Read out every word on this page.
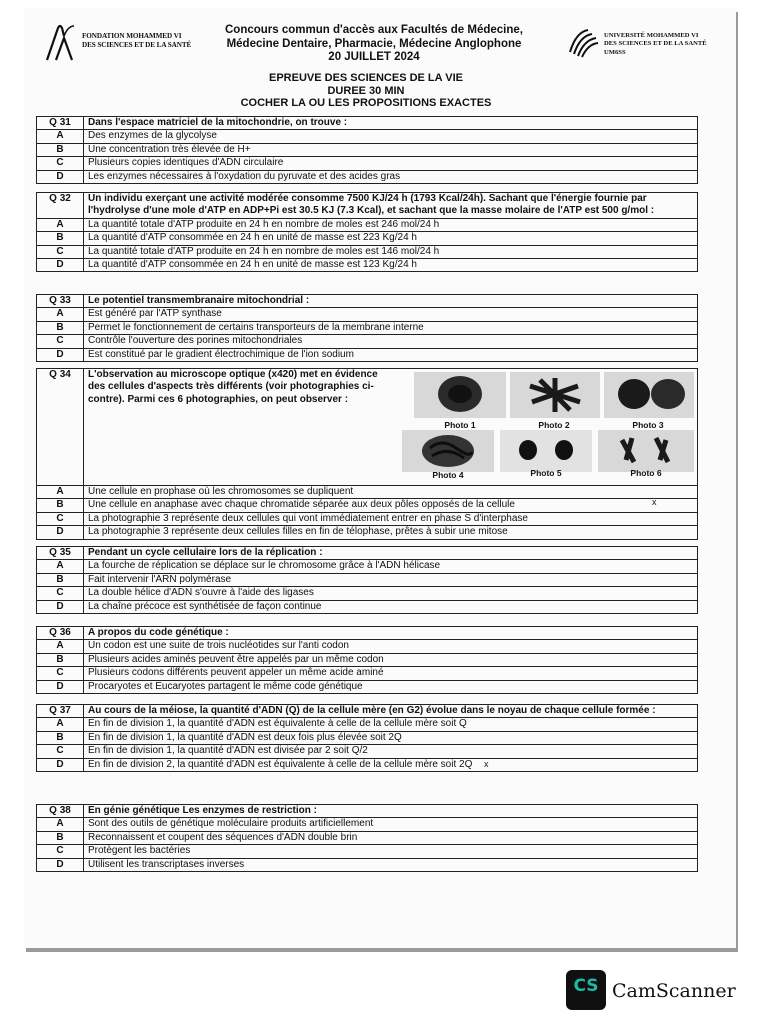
FONDATION MOHAMMED VI
DES SCIENCES ET DE LA SANTÉ
Concours commun d'accès aux Facultés de Médecine,
Médecine Dentaire, Pharmacie, Médecine Anglophone
20 JUILLET 2024
UNIVERSITÉ MOHAMMED VI
DES SCIENCES ET DE LA SANTÉ
UM6SS
EPREUVE DES SCIENCES DE LA VIE
DUREE 30 MIN
COCHER LA OU LES PROPOSITIONS EXACTES
Q 31	Dans l'espace matriciel de la mitochondrie, on trouve :
A	Des enzymes de la glycolyse
B	Une concentration très élevée de H+
C	Plusieurs copies identiques d'ADN circulaire
D	Les enzymes nécessaires à l'oxydation du pyruvate et des acides gras
Q 32	Un individu exerçant une activité modérée consomme 7500 KJ/24 h (1793 Kcal/24h). Sachant que l'énergie fournie par l'hydrolyse d'une mole d'ATP en ADP+Pi est 30.5 KJ (7.3 Kcal), et sachant que la masse molaire de l'ATP est 500 g/mol :
A	La quantité totale d'ATP produite en 24 h en nombre de moles est 246 mol/24 h
B	La quantité d'ATP consommée en 24 h en unité de masse est 223 Kg/24 h
C	La quantité totale d'ATP produite en 24 h en nombre de moles est 146 mol/24 h
D	La quantité d'ATP consommée en 24 h en unité de masse est 123 Kg/24 h
Q 33	Le potentiel transmembranaire mitochondrial :
A	Est généré par l'ATP synthase
B	Permet le fonctionnement de certains transporteurs de la membrane interne
C	Contrôle l'ouverture des porines mitochondriales
D	Est constitué par le gradient électrochimique de l'ion sodium
Q 34	L'observation au microscope optique (x420) met en évidence des cellules d'aspects très différents (voir photographies ci-contre). Parmi ces 6 photographies, on peut observer :
A	Une cellule en prophase où les chromosomes se dupliquent
B	Une cellule en anaphase avec chaque chromatide séparée aux deux pôles opposés de la cellule
C	La photographie 3 représente deux cellules qui vont immédiatement entrer en phase S d'interphase
D	La photographie 3 représente deux cellules filles en fin de télophase, prêtes à subir une mitose
Photo 1	Photo 2	Photo 3
Photo 4	Photo 5	Photo 6
x
Q 35	Pendant un cycle cellulaire lors de la réplication :
A	La fourche de réplication se déplace sur le chromosome grâce à l'ADN hélicase
B	Fait intervenir l'ARN polymérase
C	La double hélice d'ADN s'ouvre à l'aide des ligases
D	La chaîne précoce est synthétisée de façon continue
Q 36	A propos du code génétique :
A	Un codon est une suite de trois nucléotides sur l'anti codon
B	Plusieurs acides aminés peuvent être appelés par un même codon
C	Plusieurs codons différents peuvent appeler un même acide aminé
D	Procaryotes et Eucaryotes partagent le même code génétique
Q 37	Au cours de la méiose, la quantité d'ADN (Q) de la cellule mère (en G2) évolue dans le noyau de chaque cellule formée :
A	En fin de division 1, la quantité d'ADN est équivalente à celle de la cellule mère soit Q
B	En fin de division 1, la quantité d'ADN est deux fois plus élevée soit 2Q
C	En fin de division 1, la quantité d'ADN est divisée par 2 soit Q/2
D	En fin de division 2, la quantité d'ADN est équivalente à celle de la cellule mère soit 2Q x
Q 38	En génie génétique Les enzymes de restriction :
A	Sont des outils de génétique moléculaire produits artificiellement
B	Reconnaissent et coupent des séquences d'ADN double brin
C	Protègent les bactéries
D	Utilisent les transcriptases inverses
CS CamScanner
